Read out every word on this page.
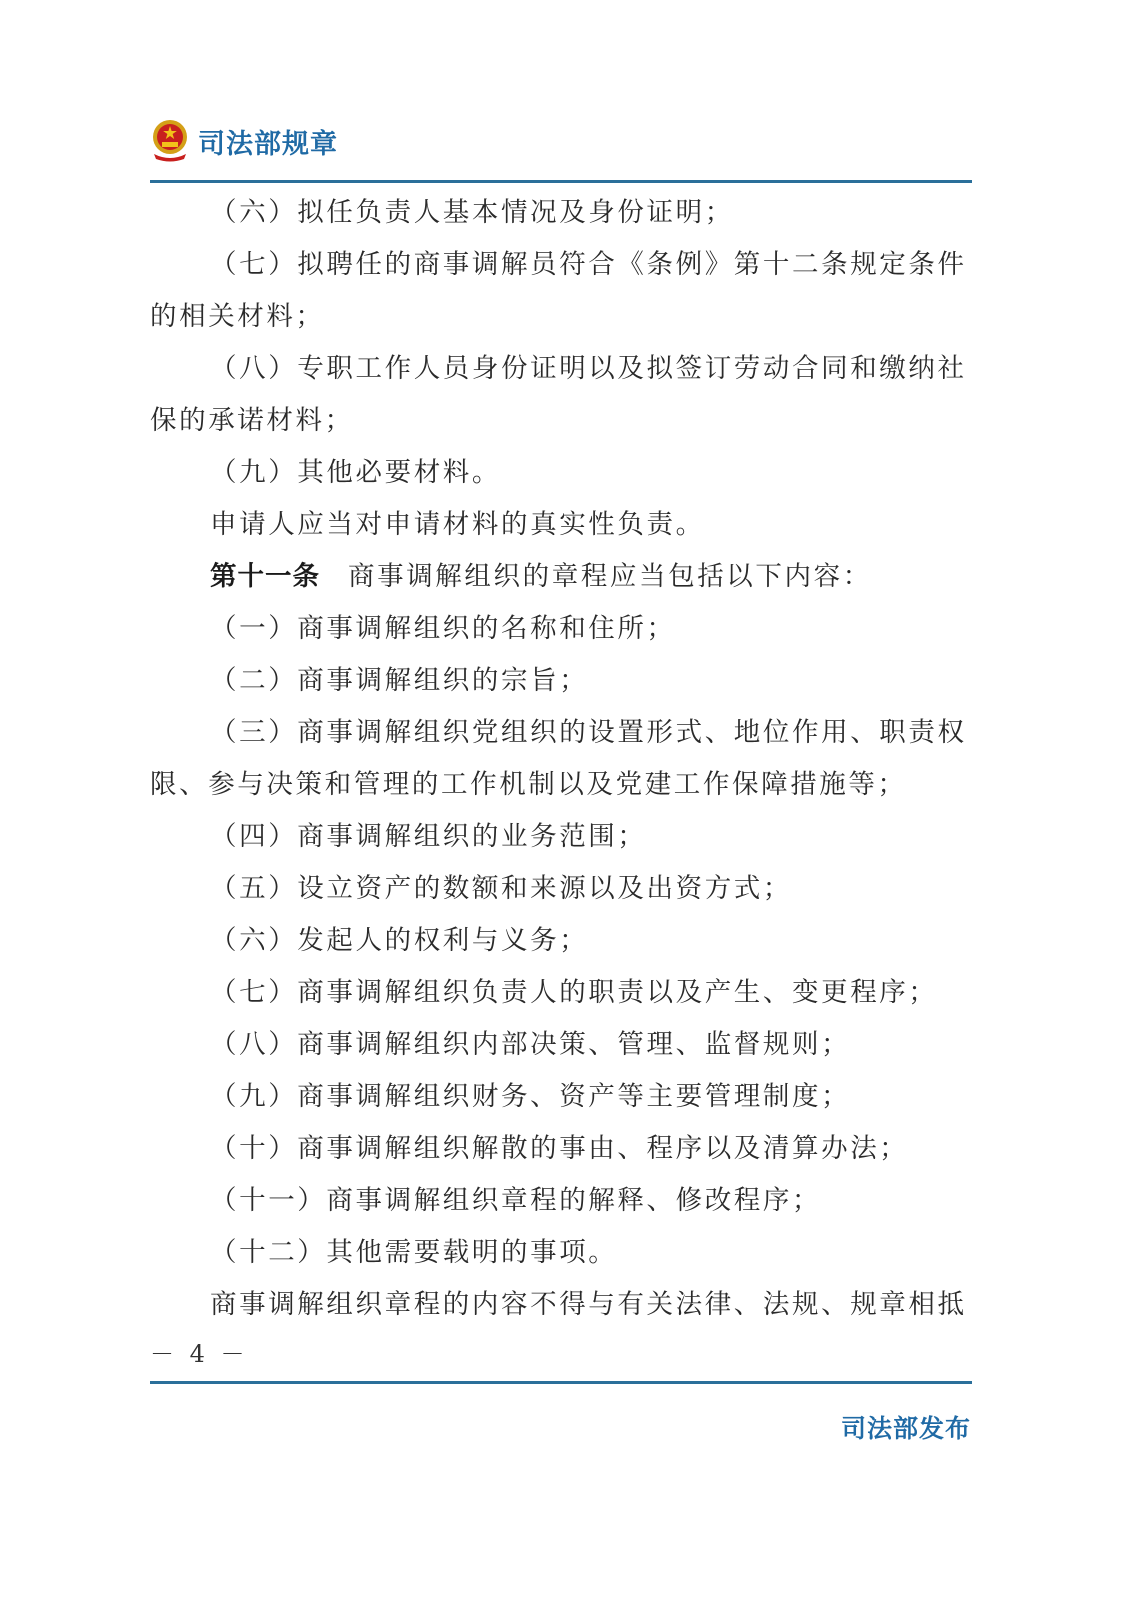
司法部规章
（六）拟任负责人基本情况及身份证明；
（七）拟聘任的商事调解员符合《条例》第十二条规定条件
的相关材料；
（八）专职工作人员身份证明以及拟签订劳动合同和缴纳社
保的承诺材料；
（九）其他必要材料。
申请人应当对申请材料的真实性负责。
第十一条 商事调解组织的章程应当包括以下内容：
（一）商事调解组织的名称和住所；
（二）商事调解组织的宗旨；
（三）商事调解组织党组织的设置形式、地位作用、职责权
限、参与决策和管理的工作机制以及党建工作保障措施等；
（四）商事调解组织的业务范围；
（五）设立资产的数额和来源以及出资方式；
（六）发起人的权利与义务；
（七）商事调解组织负责人的职责以及产生、变更程序；
（八）商事调解组织内部决策、管理、监督规则；
（九）商事调解组织财务、资产等主要管理制度；
（十）商事调解组织解散的事由、程序以及清算办法；
（十一）商事调解组织章程的解释、修改程序；
（十二）其他需要载明的事项。
商事调解组织章程的内容不得与有关法律、法规、规章相抵
－ 4 －
司法部发布
